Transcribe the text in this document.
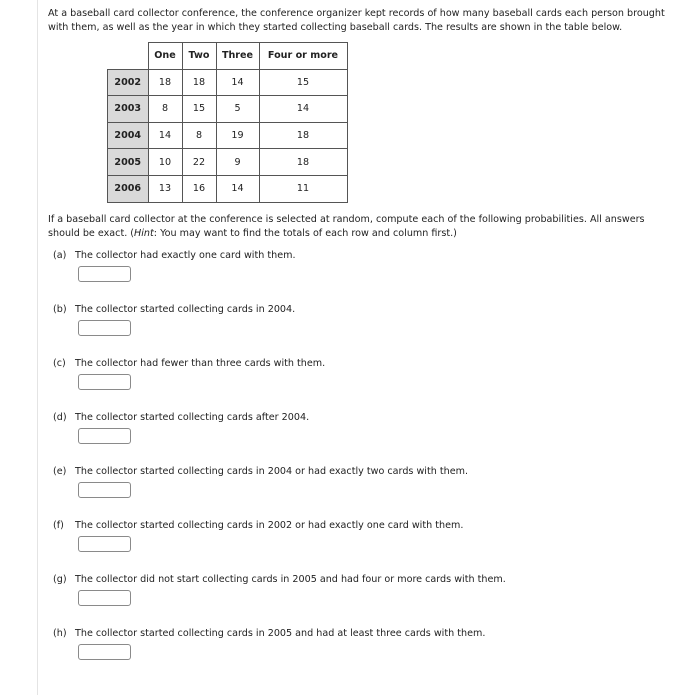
At a baseball card collector conference, the conference organizer kept records of how many baseball cards each person brought with them, as well as the year in which they started collecting baseball cards. The results are shown in the table below.
	One	Two	Three	Four or more
2002	18	18	14	15
2003	8	15	5	14
2004	14	8	19	18
2005	10	22	9	18
2006	13	16	14	11
If a baseball card collector at the conference is selected at random, compute each of the following probabilities. All answers should be exact. (Hint: You may want to find the totals of each row and column first.)
(a) The collector had exactly one card with them.
(b) The collector started collecting cards in 2004.
(c) The collector had fewer than three cards with them.
(d) The collector started collecting cards after 2004.
(e) The collector started collecting cards in 2004 or had exactly two cards with them.
(f) The collector started collecting cards in 2002 or had exactly one card with them.
(g) The collector did not start collecting cards in 2005 and had four or more cards with them.
(h) The collector started collecting cards in 2005 and had at least three cards with them.
